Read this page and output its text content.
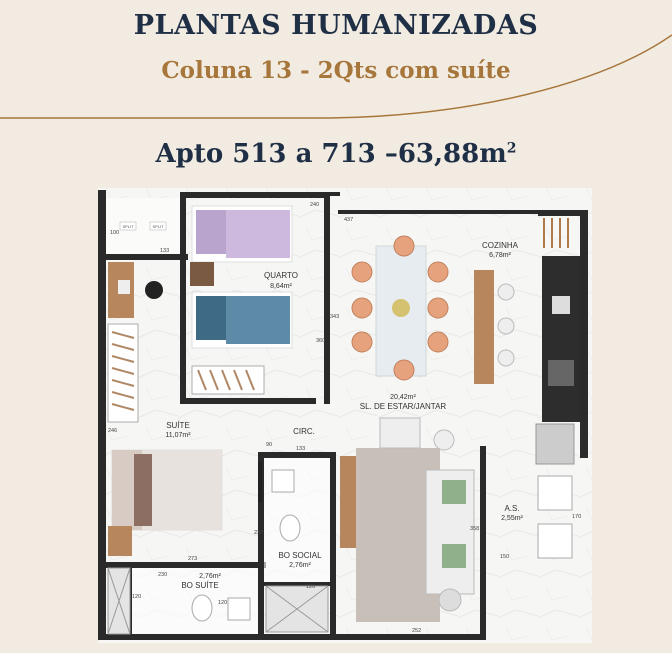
PLANTAS HUMANIZADAS
Coluna 13 - 2Qts com suíte
Apto 513 a 713 $-63,88m^2$
SPLIT	SPLIT
QUARTO
8,64m²
COZINHA
6,78m²
20,42m²
SL. DE ESTAR/JANTAR
SUÍTE
11,07m²	CIRC.
A.S.
2,55m²
BO SOCIAL
2,76m²
2,76m²
BO SUÍTE
240
437
100
133
343
360
246
90
133
230
358
170
150
273
120
230
120
120
252
